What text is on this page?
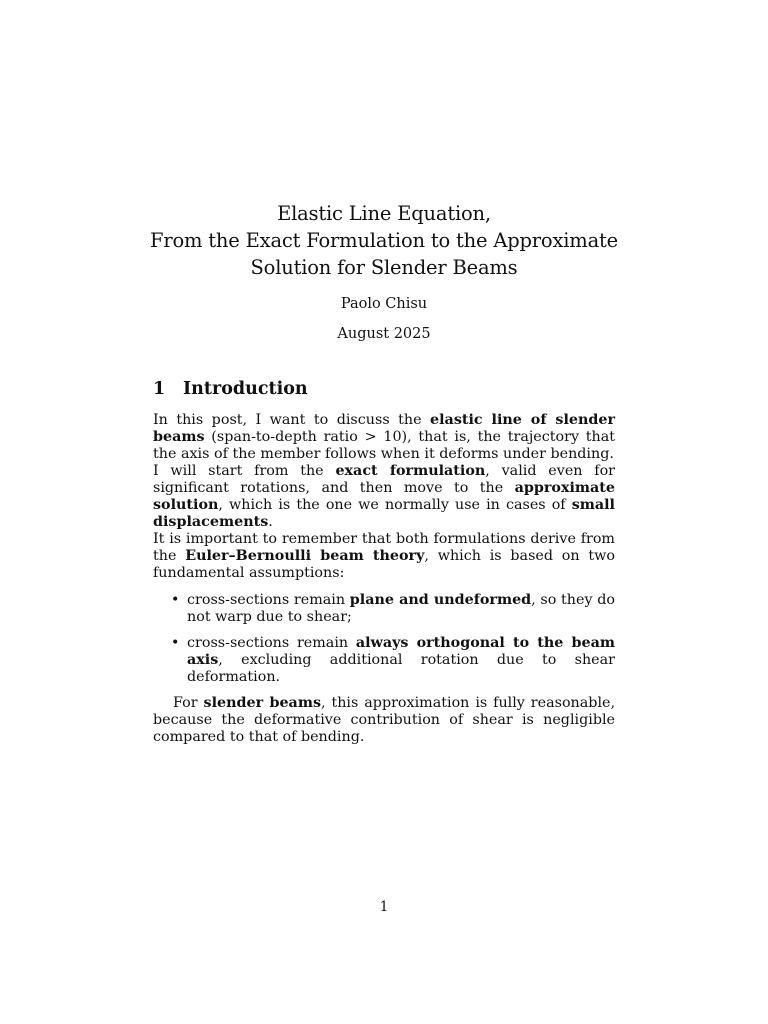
Elastic Line Equation,
From the Exact Formulation to the Approximate
Solution for Slender Beams
Paolo Chisu
August 2025
1 Introduction

In this post, I want to discuss the elastic line of slender beams (span-to-depth ratio > 10), that is, the trajectory that the axis of the member follows when it deforms under bending.

I will start from the exact formulation, valid even for significant rotations, and then move to the approximate solution, which is the one we normally use in cases of small displacements.

It is important to remember that both formulations derive from the Euler–Bernoulli beam theory, which is based on two fundamental assumptions:

• cross-sections remain plane and undeformed, so they do not warp due to shear;
• cross-sections remain always orthogonal to the beam axis, excluding additional rotation due to shear deformation.

For slender beams, this approximation is fully reasonable, because the deformative contribution of shear is negligible compared to that of bending.

1
